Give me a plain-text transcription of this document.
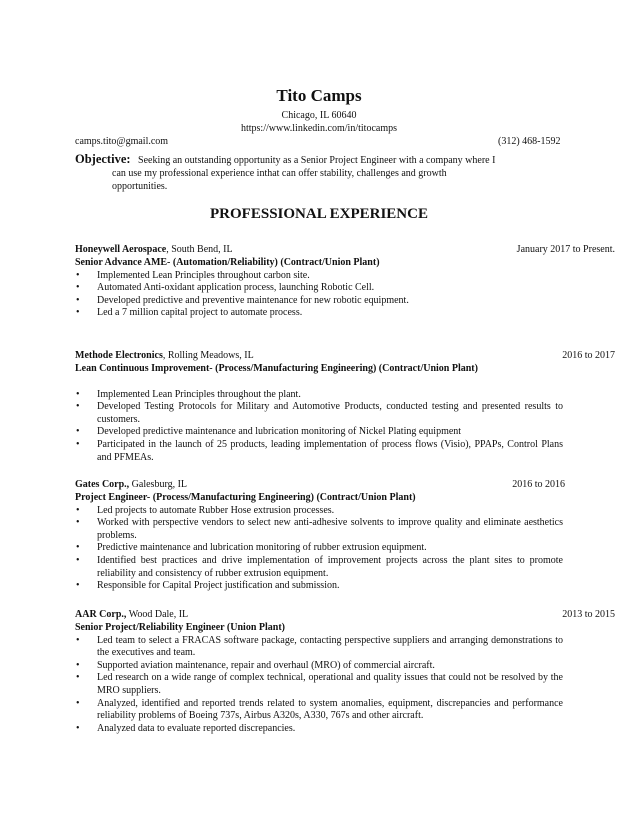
Tito Camps
Chicago, IL 60640
https://www.linkedin.com/in/titocamps
camps.tito@gmail.com	(312) 468-1592
Objective: Seeking an outstanding opportunity as a Senior Project Engineer with a company where I
can use my professional experience inthat can offer stability, challenges and growth
opportunities.
PROFESSIONAL EXPERIENCE
Honeywell Aerospace, South Bend, IL	January 2017 to Present.
Senior Advance AME- (Automation/Reliability) (Contract/Union Plant)
• Implemented Lean Principles throughout carbon site.
• Automated Anti-oxidant application process, launching Robotic Cell.
• Developed predictive and preventive maintenance for new robotic equipment.
• Led a 7 million capital project to automate process.
Methode Electronics, Rolling Meadows, IL	2016 to 2017
Lean Continuous Improvement- (Process/Manufacturing Engineering) (Contract/Union Plant)
• Implemented Lean Principles throughout the plant.
• Developed Testing Protocols for Military and Automotive Products, conducted testing and presented results to customers.
• Developed predictive maintenance and lubrication monitoring of Nickel Plating equipment
• Participated in the launch of 25 products, leading implementation of process flows (Visio), PPAPs, Control Plans and PFMEAs.
Gates Corp., Galesburg, IL	2016 to 2016
Project Engineer- (Process/Manufacturing Engineering) (Contract/Union Plant)
• Led projects to automate Rubber Hose extrusion processes.
• Worked with perspective vendors to select new anti-adhesive solvents to improve quality and eliminate aesthetics problems.
• Predictive maintenance and lubrication monitoring of rubber extrusion equipment.
• Identified best practices and drive implementation of improvement projects across the plant sites to promote reliability and consistency of rubber extrusion equipment.
• Responsible for Capital Project justification and submission.
AAR Corp., Wood Dale, IL	2013 to 2015
Senior Project/Reliability Engineer (Union Plant)
• Led team to select a FRACAS software package, contacting perspective suppliers and arranging demonstrations to the executives and team.
• Supported aviation maintenance, repair and overhaul (MRO) of commercial aircraft.
• Led research on a wide range of complex technical, operational and quality issues that could not be resolved by the MRO suppliers.
• Analyzed, identified and reported trends related to system anomalies, equipment, discrepancies and performance reliability problems of Boeing 737s, Airbus A320s, A330, 767s and other aircraft.
• Analyzed data to evaluate reported discrepancies.
